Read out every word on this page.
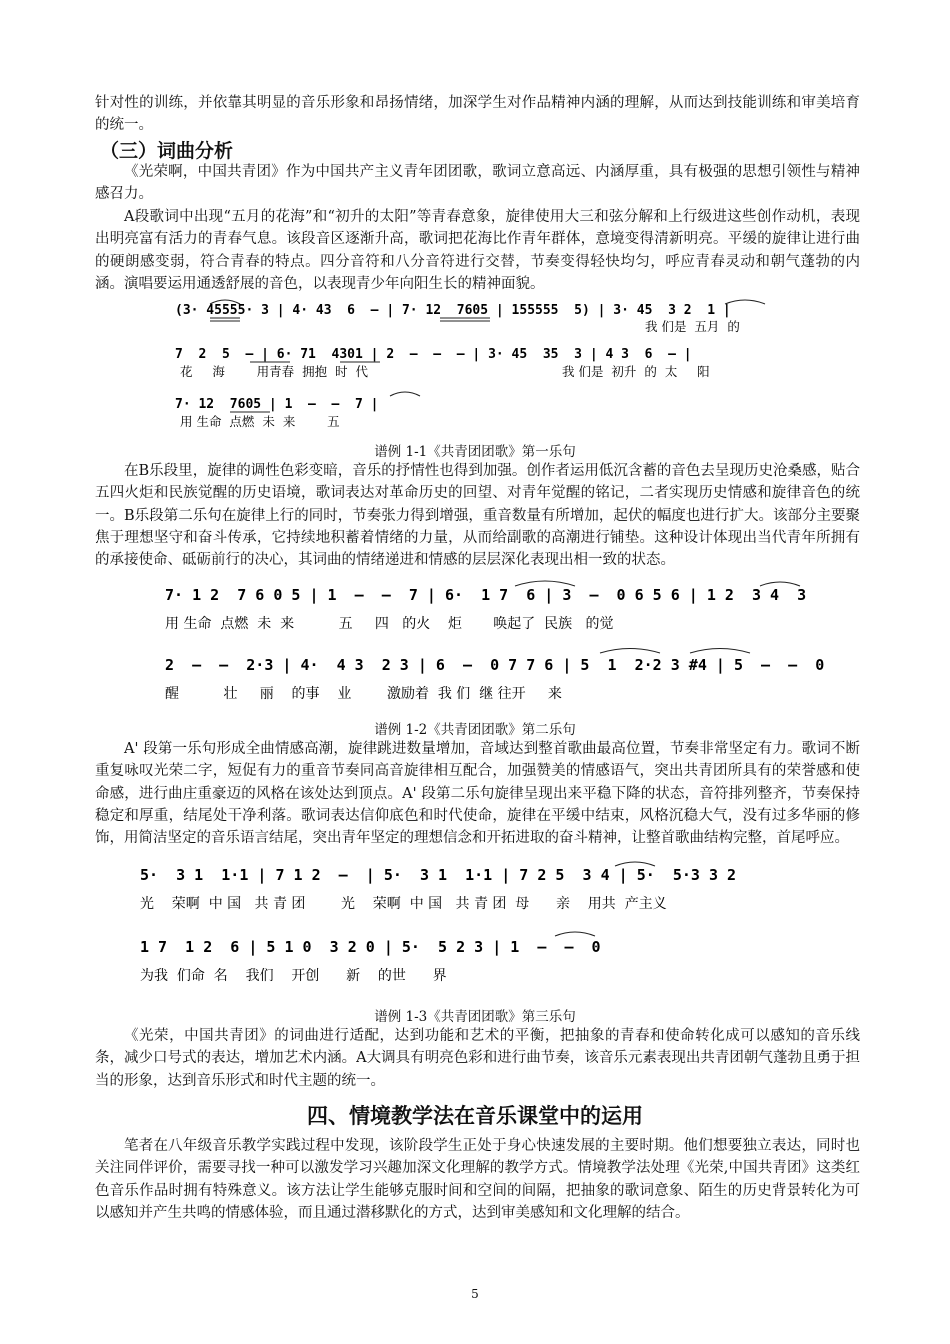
针对性的训练，并依靠其明显的音乐形象和昂扬情绪，加深学生对作品精神内涵的理解，从而达到技能训练和审美培育的统一。

（三）词曲分析

《光荣啊，中国共青团》作为中国共产主义青年团团歌，歌词立意高远、内涵厚重，具有极强的思想引领性与精神感召力。

A段歌词中出现“五月的花海”和“初升的太阳”等青春意象，旋律使用大三和弦分解和上行级进这些创作动机，表现出明亮富有活力的青春气息。该段音区逐渐升高，歌词把花海比作青年群体，意境变得清新明亮。平缓的旋律让进行曲的硬朗感变弱，符合青春的特点。四分音符和八分音符进行交替，节奏变得轻快均匀，呼应青春灵动和朝气蓬勃的内涵。演唱要运用通透舒展的音色，以表现青少年向阳生长的精神面貌。

(3· 45555· 3 | 4· 43  6  — | 7· 12  7605 | 155555  5) | 3· 45  3 2  1 |
7  2  5  — | 6· 71  4301 | 2  —  —  — | 3· 45  35  3 | 4 3  6  — |
7· 12  7605 | 1  —  —  7 |
我 们是  五月  的
花     海        用青春  拥抱  时  代	我 们是  初升  的  太     阳
用 生命  点燃  未  来        五

谱例 1-1《共青团团歌》第一乐句

在B乐段里，旋律的调性色彩变暗，音乐的抒情性也得到加强。创作者运用低沉含蓄的音色去呈现历史沧桑感，贴合五四火炬和民族觉醒的历史语境，歌词表达对革命历史的回望、对青年觉醒的铭记，二者实现历史情感和旋律音色的统一。B乐段第二乐句在旋律上行的同时，节奏张力得到增强，重音数量有所增加，起伏的幅度也进行扩大。该部分主要聚焦于理想坚守和奋斗传承，它持续地积蓄着情绪的力量，从而给副歌的高潮进行铺垫。这种设计体现出当代青年所拥有的承接使命、砥砺前行的决心，其词曲的情绪递进和情感的层层深化表现出相一致的状态。

7· 1 2  7 6 0 5 | 1  —  —  7 | 6·  1 7  6 | 3  —  0 6 5 6 | 1 2  3 4  3
2  —  —  2·3 | 4·  4 3  2 3 | 6  —  0 7 7 6 | 5  1  2·2 3 #4 | 5  —  —  0
用 生命  点燃  未  来          五     四   的火    炬       唤起了  民族   的觉
醒          壮     丽    的事    业        激励着  我 们  继 往开     来

谱例 1-2《共青团团歌》第二乐句

A' 段第一乐句形成全曲情感高潮，旋律跳进数量增加，音域达到整首歌曲最高位置，节奏非常坚定有力。歌词不断重复咏叹光荣二字，短促有力的重音节奏同高音旋律相互配合，加强赞美的情感语气，突出共青团所具有的荣誉感和使命感，进行曲庄重豪迈的风格在该处达到顶点。A' 段第二乐句旋律呈现出来平稳下降的状态，音符排列整齐，节奏保持稳定和厚重，结尾处干净利落。歌词表达信仰底色和时代使命，旋律在平缓中结束，风格沉稳大气，没有过多华丽的修饰，用简洁坚定的音乐语言结尾，突出青年坚定的理想信念和开拓进取的奋斗精神，让整首歌曲结构完整，首尾呼应。

5·  3 1  1·1 | 7 1 2  —  | 5·  3 1  1·1 | 7 2 5  3 4 | 5·  5·3 3 2
1 7  1 2  6 | 5 1 0  3 2 0 | 5·  5 2 3 | 1  —  —  0
光    荣啊  中 国   共 青 团        光    荣啊  中 国   共 青 团  母      亲    用共  产主义
为我  们命  名    我们    开创      新    的世      界

谱例 1-3《共青团团歌》第三乐句

《光荣，中国共青团》的词曲进行适配，达到功能和艺术的平衡，把抽象的青春和使命转化成可以感知的音乐线条，减少口号式的表达，增加艺术内涵。A大调具有明亮色彩和进行曲节奏，该音乐元素表现出共青团朝气蓬勃且勇于担当的形象，达到音乐形式和时代主题的统一。

四、情境教学法在音乐课堂中的运用

笔者在八年级音乐教学实践过程中发现，该阶段学生正处于身心快速发展的主要时期。他们想要独立表达，同时也关注同伴评价，需要寻找一种可以激发学习兴趣加深文化理解的教学方式。情境教学法处理《光荣,中国共青团》这类红色音乐作品时拥有特殊意义。该方法让学生能够克服时间和空间的间隔，把抽象的歌词意象、陌生的历史背景转化为可以感知并产生共鸣的情感体验，而且通过潜移默化的方式，达到审美感知和文化理解的结合。

5
